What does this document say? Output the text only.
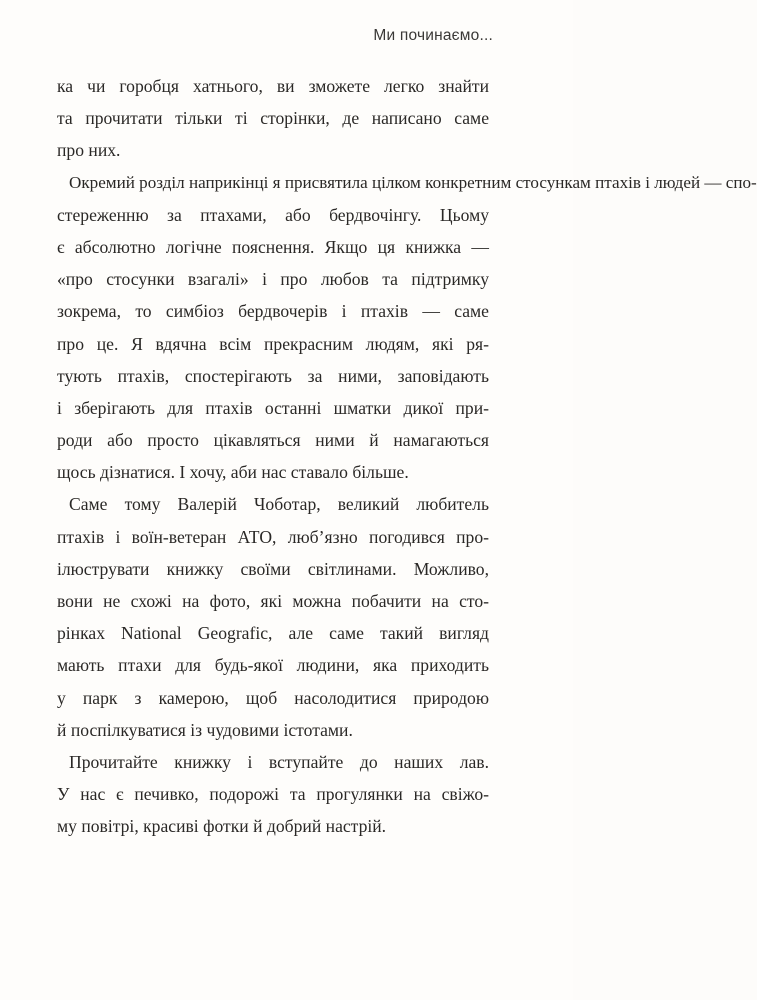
Ми починаємо...

ка чи горобця хатнього, ви зможете легко знайти
та прочитати тільки ті сторінки, де написано саме
про них.

Окремий розділ наприкінці я присвятила цілком конкретним стосункам птахів і людей — спо-
стереженню за птахами, або бердвочінгу. Цьому
є абсолютно логічне пояснення. Якщо ця книжка —
«про стосунки взагалі» і про любов та підтримку
зокрема, то симбіоз бердвочерів і птахів — саме
про це. Я вдячна всім прекрасним людям, які ря-
тують птахів, спостерігають за ними, заповідають
і зберігають для птахів останні шматки дикої при-
роди або просто цікавляться ними й намагаються
щось дізнатися. І хочу, аби нас ставало більше.

Саме тому Валерій Чоботар, великий любитель
птахів і воїн-ветеран АТО, люб’язно погодився про-
ілюструвати книжку своїми світлинами. Можливо,
вони не схожі на фото, які можна побачити на сто-
рінках National Geografic, але саме такий вигляд
мають птахи для будь-якої людини, яка приходить
у парк з камерою, щоб насолодитися природою
й поспілкуватися із чудовими істотами.

Прочитайте книжку і вступайте до наших лав.
У нас є печивко, подорожі та прогулянки на свіжо-
му повітрі, красиві фотки й добрий настрій.
